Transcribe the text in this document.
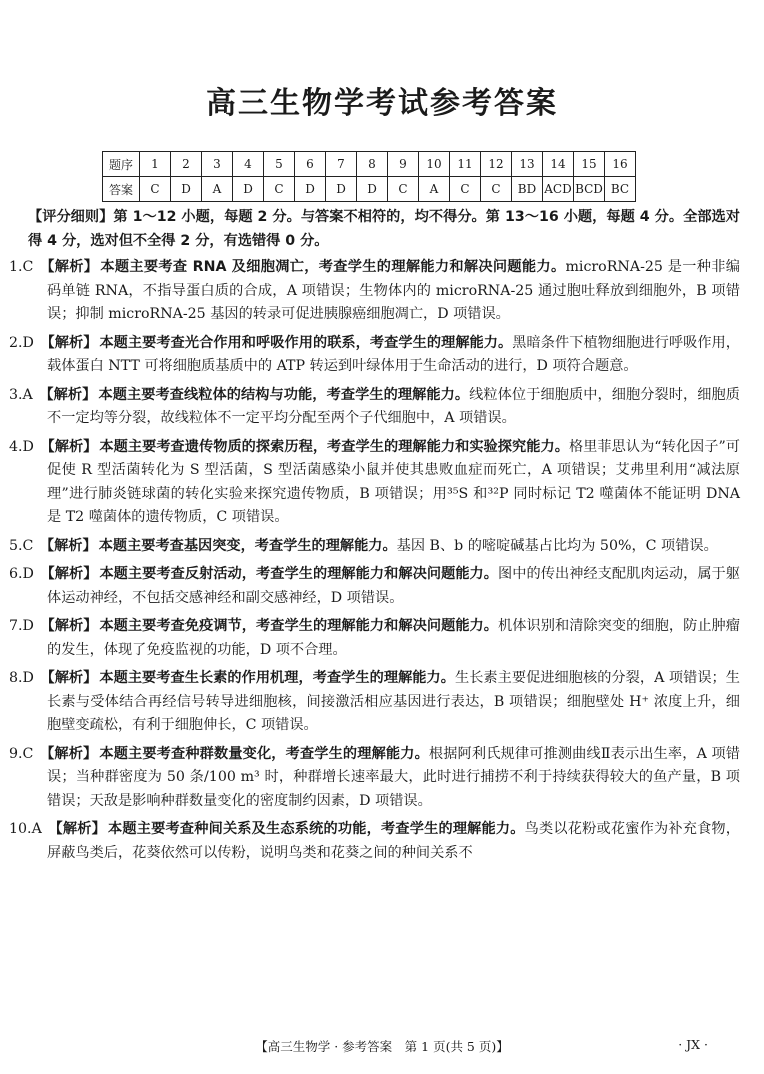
高三生物学考试参考答案
题序	1	2	3	4	5	6	7	8	9	10	11	12	13	14	15	16
答案	C	D	A	D	C	D	D	D	C	A	C	C	BD	ACD	BCD	BC

【评分细则】第 1～12 小题，每题 2 分。与答案不相符的，均不得分。第 13～16 小题，每题 4 分。全部选对得 4 分，选对但不全得 2 分，有选错得 0 分。

1.C 【解析】 本题主要考查 RNA 及细胞凋亡，考查学生的理解能力和解决问题能力。microRNA-25 是一种非编码单链 RNA，不指导蛋白质的合成，A 项错误；生物体内的 microRNA-25 通过胞吐释放到细胞外，B 项错误；抑制 microRNA-25 基因的转录可促进胰腺癌细胞凋亡，D 项错误。

2.D 【解析】 本题主要考查光合作用和呼吸作用的联系，考查学生的理解能力。黑暗条件下植物细胞进行呼吸作用，载体蛋白 NTT 可将细胞质基质中的 ATP 转运到叶绿体用于生命活动的进行，D 项符合题意。

3.A 【解析】 本题主要考查线粒体的结构与功能，考查学生的理解能力。线粒体位于细胞质中，细胞分裂时，细胞质不一定均等分裂，故线粒体不一定平均分配至两个子代细胞中，A 项错误。

4.D 【解析】 本题主要考查遗传物质的探索历程，考查学生的理解能力和实验探究能力。格里菲思认为“转化因子”可促使 R 型活菌转化为 S 型活菌，S 型活菌感染小鼠并使其患败血症而死亡，A 项错误；艾弗里利用“减法原理”进行肺炎链球菌的转化实验来探究遗传物质，B 项错误；用³⁵S 和³²P 同时标记 T2 噬菌体不能证明 DNA 是 T2 噬菌体的遗传物质，C 项错误。

5.C 【解析】 本题主要考查基因突变，考查学生的理解能力。基因 B、b 的嘧啶碱基占比均为 50%，C 项错误。

6.D 【解析】 本题主要考查反射活动，考查学生的理解能力和解决问题能力。图中的传出神经支配肌肉运动，属于躯体运动神经，不包括交感神经和副交感神经，D 项错误。

7.D 【解析】 本题主要考查免疫调节，考查学生的理解能力和解决问题能力。机体识别和清除突变的细胞，防止肿瘤的发生，体现了免疫监视的功能，D 项不合理。

8.D 【解析】 本题主要考查生长素的作用机理，考查学生的理解能力。生长素主要促进细胞核的分裂，A 项错误；生长素与受体结合再经信号转导进细胞核，间接激活相应基因进行表达，B 项错误；细胞壁处 H⁺ 浓度上升，细胞壁变疏松，有利于细胞伸长，C 项错误。

9.C 【解析】 本题主要考查种群数量变化，考查学生的理解能力。根据阿利氏规律可推测曲线Ⅱ表示出生率，A 项错误；当种群密度为 50 条/100 m³ 时，种群增长速率最大，此时进行捕捞不利于持续获得较大的鱼产量，B 项错误；天敌是影响种群数量变化的密度制约因素，D 项错误。

10.A 【解析】 本题主要考查种间关系及生态系统的功能，考查学生的理解能力。鸟类以花粉或花蜜作为补充食物，屏蔽鸟类后，花葵依然可以传粉，说明鸟类和花葵之间的种间关系不

【高三生物学 · 参考答案　第 1 页(共 5 页)】	· JX ·
